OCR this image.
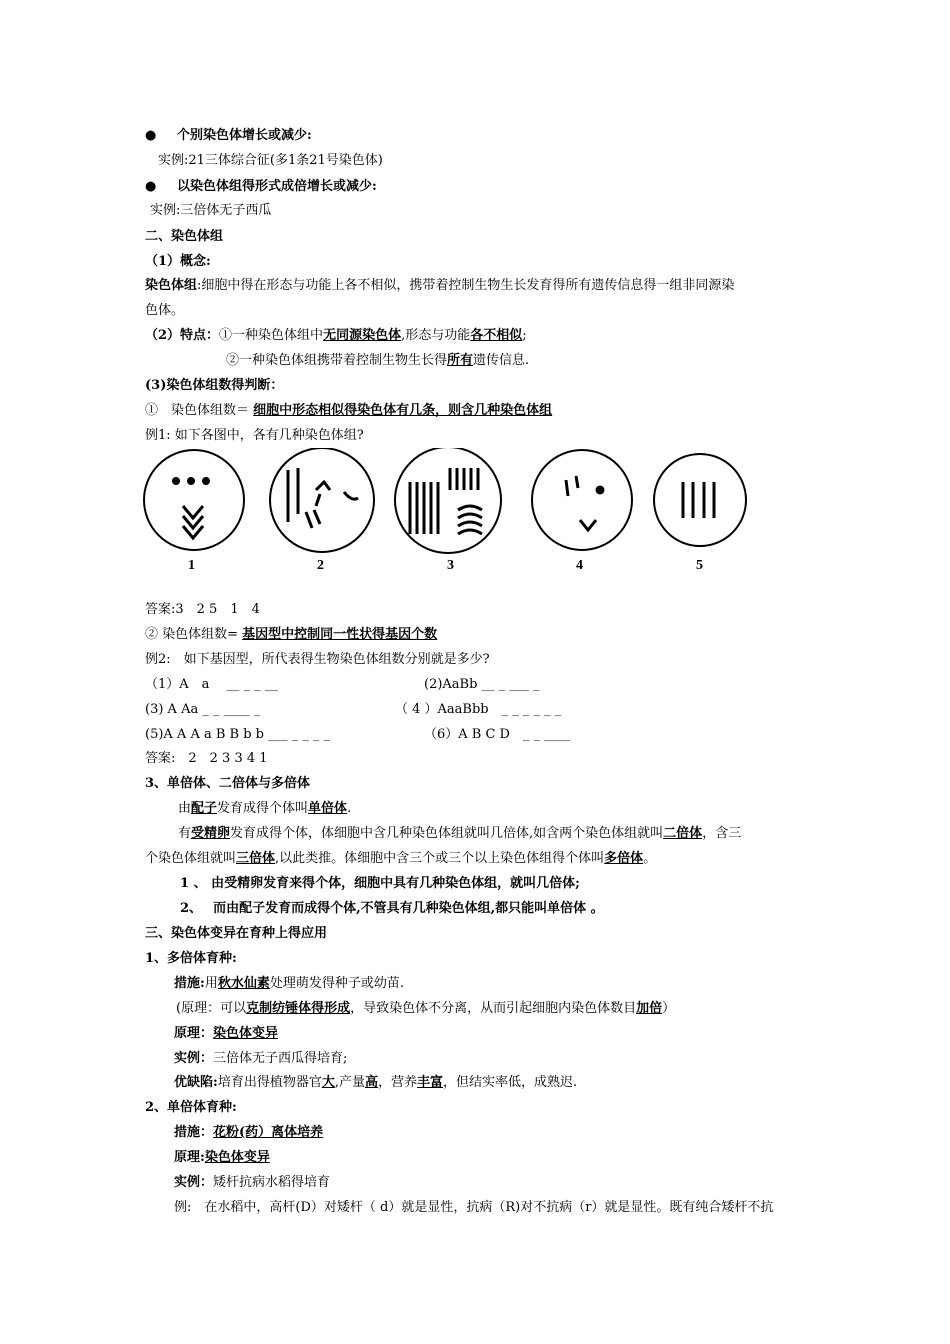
● 个别染色体增长或减少:
实例:21三体综合征(多1条21号染色体)
● 以染色体组得形式成倍增长或减少:
实例:三倍体无子西瓜
二、染色体组
（1）概念:
染色体组:细胞中得在形态与功能上各不相似，携带着控制生物生长发育得所有遗传信息得一组非同源染
色体。
（2）特点：①一种染色体组中无同源染色体,形态与功能各不相似;
②一种染色体组携带着控制生物生长得所有遗传信息.
(3)染色体组数得判断：
①　染色体组数＝ 细胞中形态相似得染色体有几条，则含几种染色体组
例1: 如下各图中，各有几种染色体组?
1	2	3	4	5
答案:3　2 5　1　4
② 染色体组数= 基因型中控制同一性状得基因个数
例2:　如下基因型，所代表得生物染色体组数分别就是多少?
（1）A　a　 __ _ _ __	(2)AaBb __ _ ___ _
(3) A Aa _ _ ____ _	（ 4 ）AaaBbb　_ _ _ _ _ _
(5)A A A a B B b b ___ _ _ _ _	（6）A B C D　_ _ ____
答案:　2　2 3 3 4 1
3、单倍体、二倍体与多倍体
由配子发育成得个体叫单倍体.
有受精卵发育成得个体，体细胞中含几种染色体组就叫几倍体,如含两个染色体组就叫二倍体，含三
个染色体组就叫三倍体,以此类推。体细胞中含三个或三个以上染色体组得个体叫多倍体。
1 、 由受精卵发育来得个体，细胞中具有几种染色体组，就叫几倍体;
2、　 而由配子发育而成得个体,不管具有几种染色体组,都只能叫单倍体 。
三、染色体变异在育种上得应用
1、多倍体育种:
措施:用秋水仙素处理萌发得种子或幼苗.
(原理：可以克制纺锤体得形成，导致染色体不分离，从而引起细胞内染色体数目加倍）
原理：染色体变异
实例：三倍体无子西瓜得培育;
优缺陷:培育出得植物器官大,产量高，营养丰富，但结实率低，成熟迟.
2、单倍体育种:
措施：花粉(药）离体培养
原理:染色体变异
实例：矮杆抗病水稻得培育
例:　在水稻中，高杆(D）对矮杆（ d）就是显性，抗病（R)对不抗病（r）就是显性。既有纯合矮杆不抗
